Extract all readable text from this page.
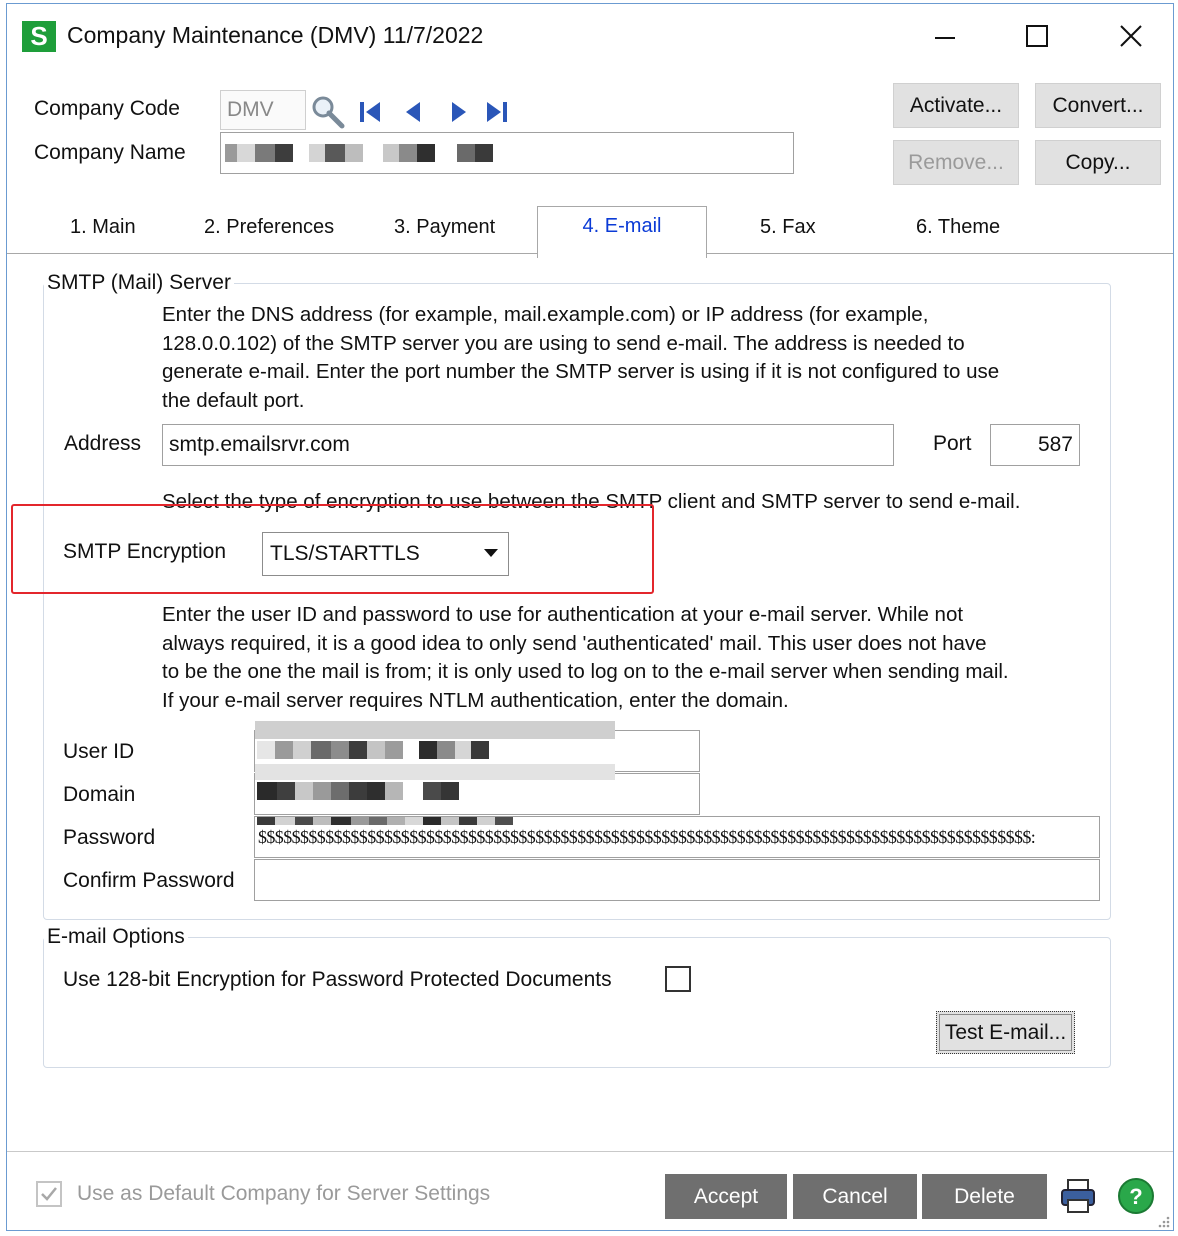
S Company Maintenance (DMV) 11/7/2022
Company Code	DMV
Company Name
Activate...	Convert...
Remove...	Copy...
1. Main	2. Preferences	3. Payment	4. E-mail	5. Fax	6. Theme
SMTP (Mail) Server
Enter the DNS address (for example, mail.example.com) or IP address (for example,
128.0.0.102) of the SMTP server you are using to send e-mail. The address is needed to
generate e-mail. Enter the port number the SMTP server is using if it is not configured to use
the default port.
Address	smtp.emailsrvr.com	Port	587
Select the type of encryption to use between the SMTP client and SMTP server to send e-mail.
SMTP Encryption TLS/STARTTLS
Enter the user ID and password to use for authentication at your e-mail server. While not
always required, it is a good idea to only send 'authenticated' mail. This user does not have
to be the one the mail is from; it is only used to log on to the e-mail server when sending mail.
If your e-mail server requires NTLM authentication, enter the domain.
User ID
Domain
Password	$$$$$$$$$$$$$$$$$$$$$$$$$$$$$$$$$$$$$$$$$$$$$$$$$$$$$$$$$$$$$$$$$$$$$$$$$$$$$$$$$$$$$$$$$$$$:
Confirm Password
E-mail Options
Use 128-bit Encryption for Password Protected Documents
Test E-mail...
Use as Default Company for Server Settings	Accept	Cancel	Delete	?
